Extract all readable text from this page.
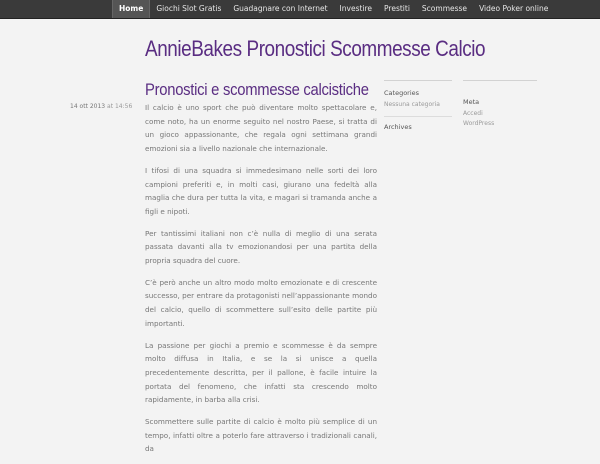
Home	Giochi Slot Gratis	Guadagnare con Internet	Investire	Prestiti	Scommesse	Video Poker online
AnnieBakes Pronostici Scommesse Calcio
Pronostici e scommesse calcistiche
14 ott 2013 at 14:56 Il calcio è uno sport che può diventare molto spettacolare e, come noto, ha un enorme seguito nel nostro Paese, si tratta di un gioco appassionante, che regala ogni settimana grandi emozioni sia a livello nazionale che internazionale.

I tifosi di una squadra si immedesimano nelle sorti dei loro campioni preferiti e, in molti casi, giurano una fedeltà alla maglia che dura per tutta la vita, e magari si tramanda anche a figli e nipoti.

Per tantissimi italiani non c’è nulla di meglio di una serata passata davanti alla tv emozionandosi per una partita della propria squadra del cuore.

C’è però anche un altro modo molto emozionate e di crescente successo, per entrare da protagonisti nell’appassionante mondo del calcio, quello di scommettere sull’esito delle partite più importanti.

La passione per giochi a premio e scommesse è da sempre molto diffusa in Italia, e se la si unisce a quella precedentemente descritta, per il pallone, è facile intuire la portata del fenomeno, che infatti sta crescendo molto rapidamente, in barba alla crisi.

Scommettere sulle partite di calcio è molto più semplice di un tempo, infatti oltre a poterlo fare attraverso i tradizionali canali, da

Categories
Nessuna categoria
Archives
Meta
Accedi
WordPress
